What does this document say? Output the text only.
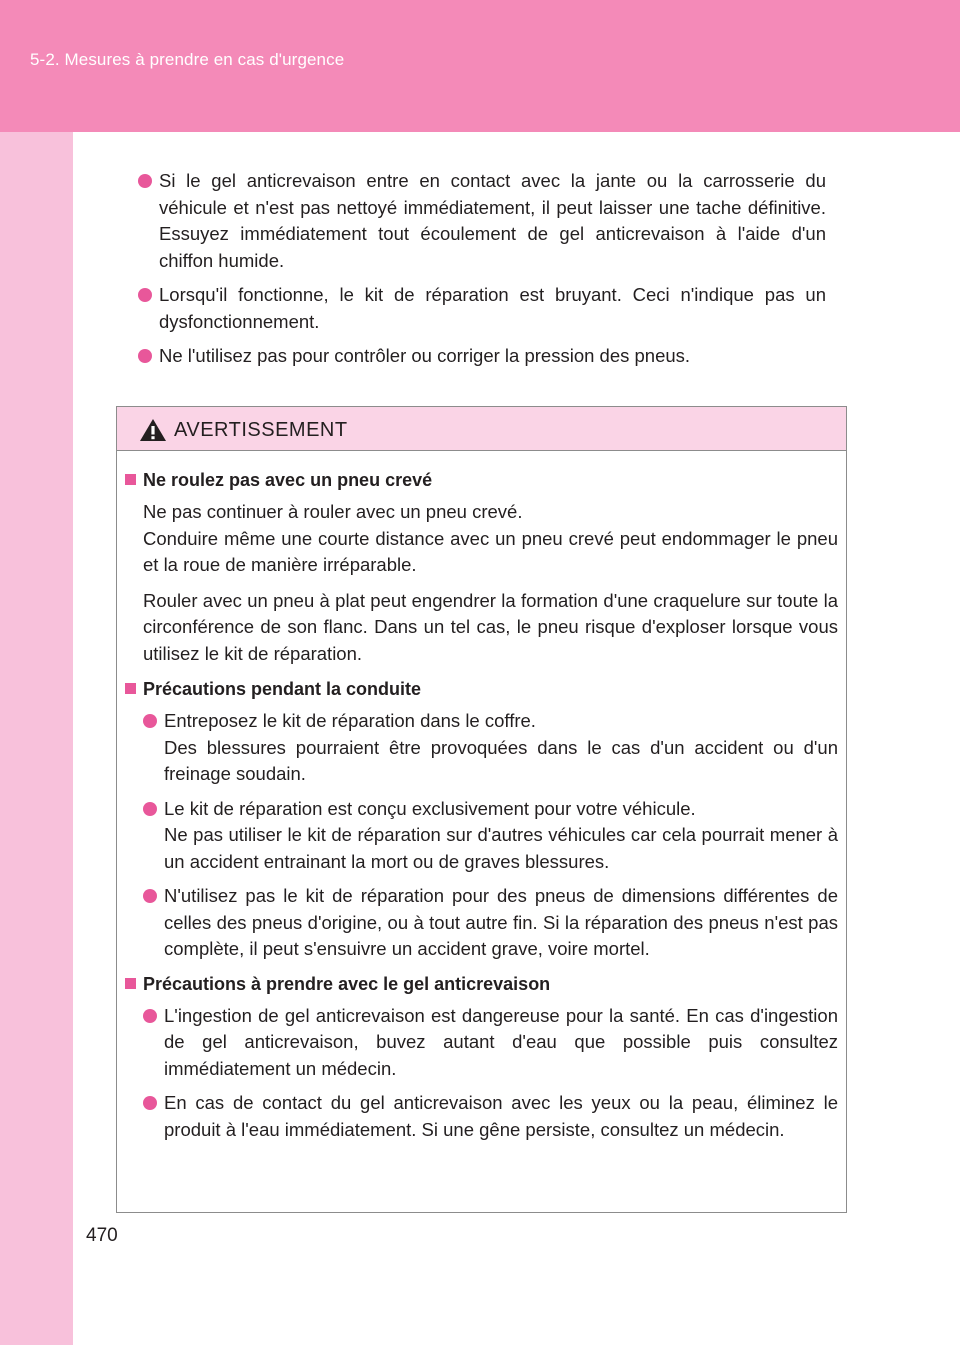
5-2. Mesures à prendre en cas d'urgence
Si le gel anticrevaison entre en contact avec la jante ou la carrosserie du véhicule et n'est pas nettoyé immédiatement, il peut laisser une tache définitive. Essuyez immédiatement tout écoulement de gel anticrevaison à l'aide d'un chiffon humide.
Lorsqu'il fonctionne, le kit de réparation est bruyant. Ceci n'indique pas un dysfonctionnement.
Ne l'utilisez pas pour contrôler ou corriger la pression des pneus.
AVERTISSEMENT
Ne roulez pas avec un pneu crevé
Ne pas continuer à rouler avec un pneu crevé.
Conduire même une courte distance avec un pneu crevé peut endommager le pneu et la roue de manière irréparable.
Rouler avec un pneu à plat peut engendrer la formation d'une craquelure sur toute la circonférence de son flanc. Dans un tel cas, le pneu risque d'exploser lorsque vous utilisez le kit de réparation.
Précautions pendant la conduite
Entreposez le kit de réparation dans le coffre.
Des blessures pourraient être provoquées dans le cas d'un accident ou d'un freinage soudain.
Le kit de réparation est conçu exclusivement pour votre véhicule.
Ne pas utiliser le kit de réparation sur d'autres véhicules car cela pourrait mener à un accident entrainant la mort ou de graves blessures.
N'utilisez pas le kit de réparation pour des pneus de dimensions différentes de celles des pneus d'origine, ou à tout autre fin. Si la réparation des pneus n'est pas complète, il peut s'ensuivre un accident grave, voire mortel.
Précautions à prendre avec le gel anticrevaison
L'ingestion de gel anticrevaison est dangereuse pour la santé. En cas d'ingestion de gel anticrevaison, buvez autant d'eau que possible puis consultez immédiatement un médecin.
En cas de contact du gel anticrevaison avec les yeux ou la peau, éliminez le produit à l'eau immédiatement. Si une gêne persiste, consultez un médecin.
470
